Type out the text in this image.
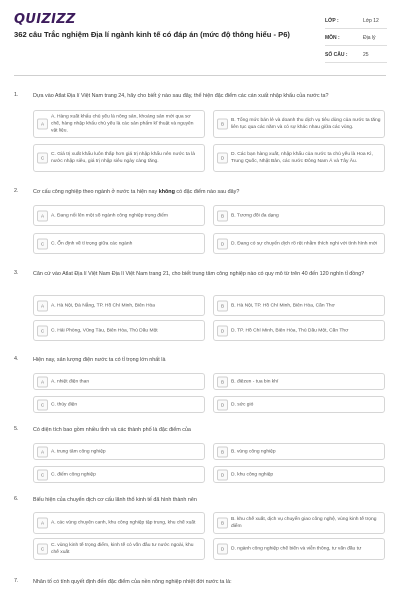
QUIZIZZ
362 câu Trắc nghiệm Địa lí ngành kinh tế có đáp án (mức độ thông hiểu - P6)
LỚP :	Lớp 12
MÔN :	Địa lý
SỐ CÂU :	25
1.	Dựa vào Atlat Địa lí Việt Nam trang 24, hãy cho biết ý nào sau đây, thể hiện đặc điểm các cán xuất nhập khẩu của nước ta?
A
A. Hàng xuất khẩu chủ yếu là nông sản, khoáng sản mới qua sơ chế, hàng nhập khẩu chủ yếu là các sản phẩm kĩ thuật và nguyên vật liệu.
B
B. Tổng mức bán lẻ và doanh thu dịch vụ tiêu dùng của nước ta tăng liên tục qua các năm và có sự khác nhau giữa các vùng.
C
C. Giá trị xuất khẩu luôn thấp hơn giá trị nhập khẩu nên nước ta là nước nhập siêu, giá trị nhập siêu ngày càng tăng.
D
D. Các bạn hàng xuất, nhập khẩu của nước ta chủ yếu là Hoa Kì, Trung Quốc, Nhật Bản, các nước Đông Nam Á và Tây Âu.
2.	Cơ cấu công nghiệp theo ngành ở nước ta hiện nay không có đặc điểm nào sau đây?
A	A. Đang nổi lên một số ngành công nghiệp trọng điểm	B	B. Tương đối đa dạng
C	C. Ổn định về tỉ trọng giữa các ngành	D	D. Đang có sự chuyển dịch rõ rệt nhằm thích nghi với tình hình mới
3.	Căn cứ vào Atlat Địa lí Việt Nam Địa lí Việt Nam trang 21, cho biết trung tâm công nghiệp nào có quy mô từ trên 40 đến 120 nghìn tỉ đồng?
A	A. Hà Nội, Đà Nẵng, TP. Hồ Chí Minh, Biên Hòa	B	B. Hà Nội, TP. Hồ Chí Minh, Biên Hòa, Cần Thơ
C	C. Hải Phòng, Vũng Tàu, Biên Hòa, Thủ Dầu Một	D	D. TP. Hồ Chí Minh, Biên Hòa, Thủ Dầu Một, Cần Thơ
4.	Hiện nay, sản lượng điện nước ta có tỉ trọng lớn nhất là
A	A. nhiệt điện than	B	B. điêzen - tua bin khí
C	C. thủy điện	D	D. sức gió
5.	Có diện tích bao gồm nhiều tỉnh và các thành phố là đặc điểm của
A	A. trung tâm công nghiệp	B	B. vùng công nghiệp
C	C. điểm công nghiệp	D	D. khu công nghiệp
6.	Biểu hiện của chuyển dịch cơ cấu lãnh thổ kinh tế đã hình thành nên
A	A. các vùng chuyên canh, khu công nghiệp tập trung, khu chế xuất	B
B. khu chế xuất, dịch vụ chuyển giao công nghệ, vùng kinh tế trọng điểm
C
C. vùng kinh tế trọng điểm, kinh tế có vốn đầu tư nước ngoài, khu chế xuất
D	D. ngành công nghiệp chế biến và viễn thông, tư vấn đầu tư
7.	Nhân tố có tính quyết định đến đặc điểm của nền nông nghiệp nhiệt đới nước ta là:
